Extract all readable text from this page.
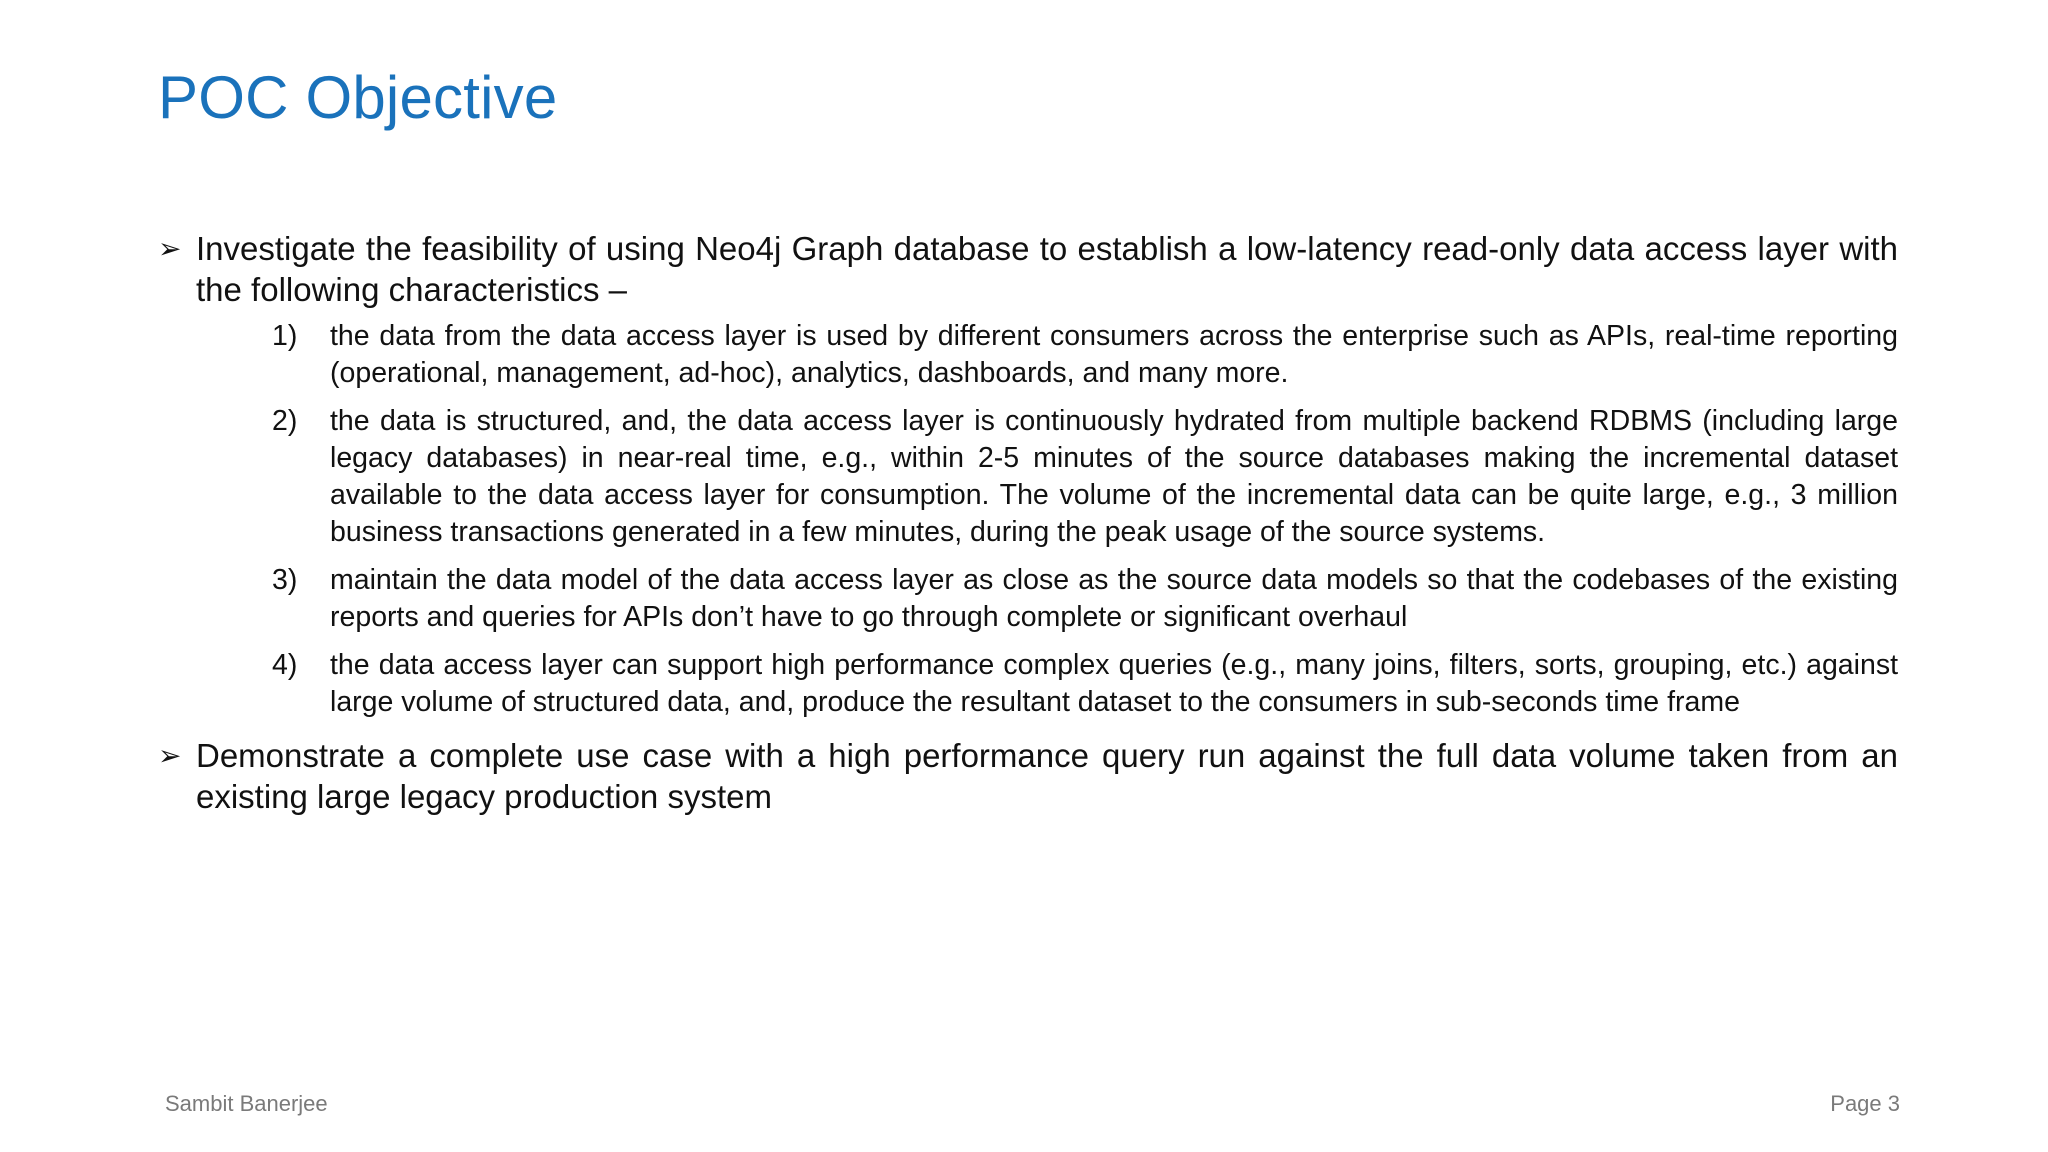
POC Objective
➢ Investigate the feasibility of using Neo4j Graph database to establish a low-latency read-only data access layer with the following characteristics –
1)	the data from the data access layer is used by different consumers across the enterprise such as APIs, real-time reporting (operational, management, ad-hoc), analytics, dashboards, and many more.
2)	the data is structured, and, the data access layer is continuously hydrated from multiple backend RDBMS (including large legacy databases) in near-real time, e.g., within 2-5 minutes of the source databases making the incremental dataset available to the data access layer for consumption. The volume of the incremental data can be quite large, e.g., 3 million business transactions generated in a few minutes, during the peak usage of the source systems.
3)	maintain the data model of the data access layer as close as the source data models so that the codebases of the existing reports and queries for APIs don’t have to go through complete or significant overhaul
4)	the data access layer can support high performance complex queries (e.g., many joins, filters, sorts, grouping, etc.) against large volume of structured data, and, produce the resultant dataset to the consumers in sub-seconds time frame
➢ Demonstrate a complete use case with a high performance query run against the full data volume taken from an existing large legacy production system
Sambit Banerjee	Page 3
